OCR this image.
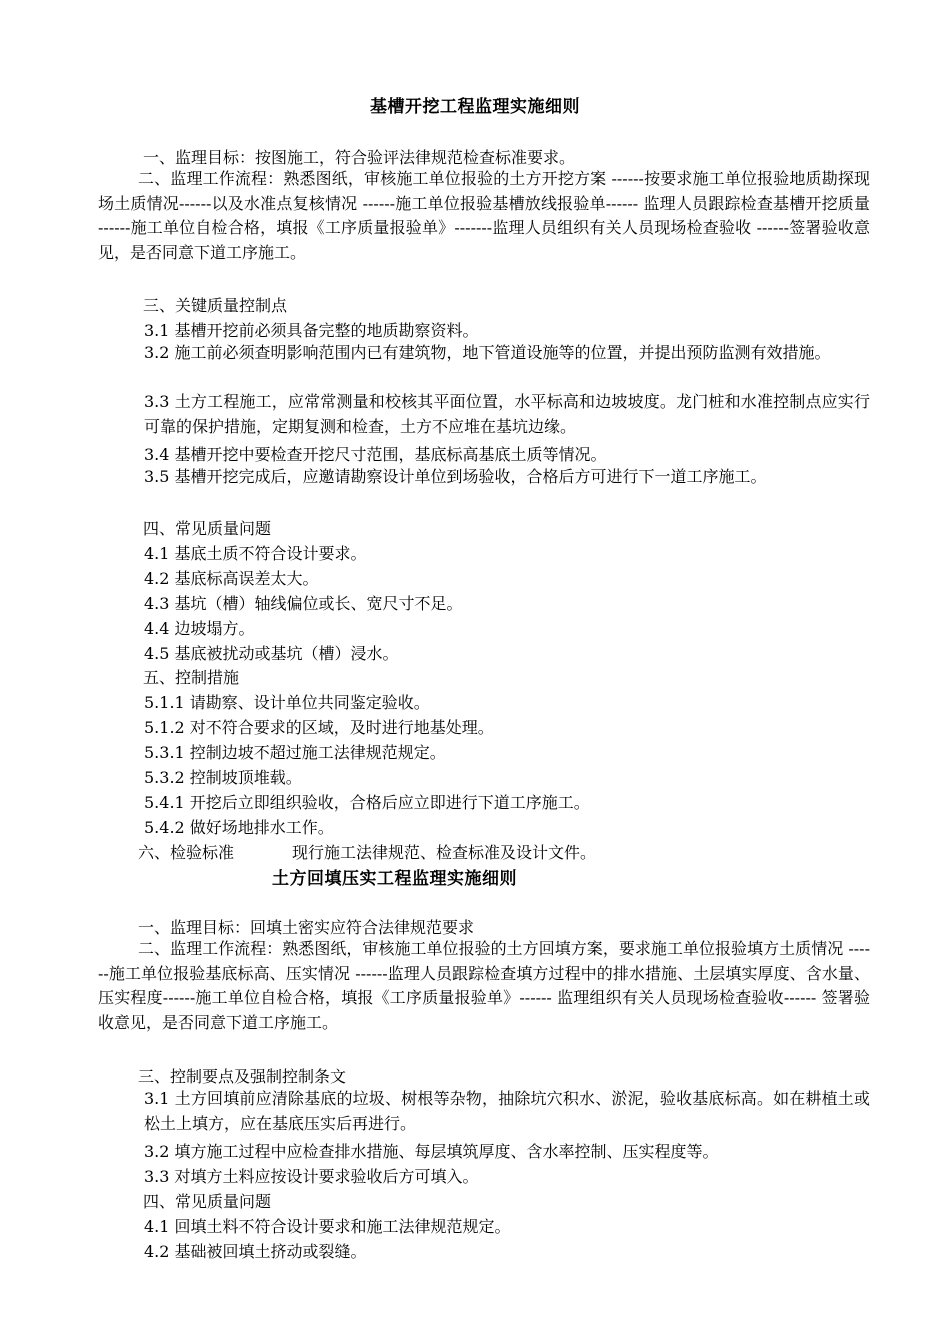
基槽开挖工程监理实施细则
一、监理目标：按图施工，符合验评法律规范检查标准要求。
二、监理工作流程：熟悉图纸，审核施工单位报验的土方开挖方案 ------按要求施工单位报验地质勘探现场土质情况------以及水准点复核情况 ------施工单位报验基槽放线报验单------ 监理人员跟踪检查基槽开挖质量 ------施工单位自检合格，填报《工序质量报验单》-------监理人员组织有关人员现场检查验收 ------签署验收意见，是否同意下道工序施工。
三、关键质量控制点
3.1 基槽开挖前必须具备完整的地质勘察资料。
3.2 施工前必须查明影响范围内已有建筑物，地下管道设施等的位置，并提出预防监测有效措施。
3.3 土方工程施工，应常常测量和校核其平面位置，水平标高和边坡坡度。龙门桩和水准控制点应实行可靠的保护措施，定期复测和检查，土方不应堆在基坑边缘。
3.4 基槽开挖中要检查开挖尺寸范围，基底标高基底土质等情况。
3.5 基槽开挖完成后，应邀请勘察设计单位到场验收，合格后方可进行下一道工序施工。
四、常见质量问题
4.1 基底土质不符合设计要求。
4.2 基底标高误差太大。
4.3 基坑（槽）轴线偏位或长、宽尺寸不足。
4.4 边坡塌方。
4.5 基底被扰动或基坑（槽）浸水。
五、控制措施
5.1.1 请勘察、设计单位共同鉴定验收。
5.1.2 对不符合要求的区域，及时进行地基处理。
5.3.1 控制边坡不超过施工法律规范规定。
5.3.2 控制坡顶堆载。
5.4.1 开挖后立即组织验收，合格后应立即进行下道工序施工。
5.4.2 做好场地排水工作。
六、检验标准	现行施工法律规范、检查标准及设计文件。
土方回填压实工程监理实施细则
一、监理目标：回填土密实应符合法律规范要求
二、监理工作流程：熟悉图纸，审核施工单位报验的土方回填方案，要求施工单位报验填方土质情况 ------施工单位报验基底标高、压实情况 ------监理人员跟踪检查填方过程中的排水措施、土层填实厚度、含水量、压实程度------施工单位自检合格，填报《工序质量报验单》------ 监理组织有关人员现场检查验收------ 签署验收意见，是否同意下道工序施工。
三、控制要点及强制控制条文
3.1 土方回填前应清除基底的垃圾、树根等杂物，抽除坑穴积水、淤泥，验收基底标高。如在耕植土或松土上填方，应在基底压实后再进行。
3.2 填方施工过程中应检查排水措施、每层填筑厚度、含水率控制、压实程度等。
3.3 对填方土料应按设计要求验收后方可填入。
四、常见质量问题
4.1 回填土料不符合设计要求和施工法律规范规定。
4.2 基础被回填土挤动或裂缝。
